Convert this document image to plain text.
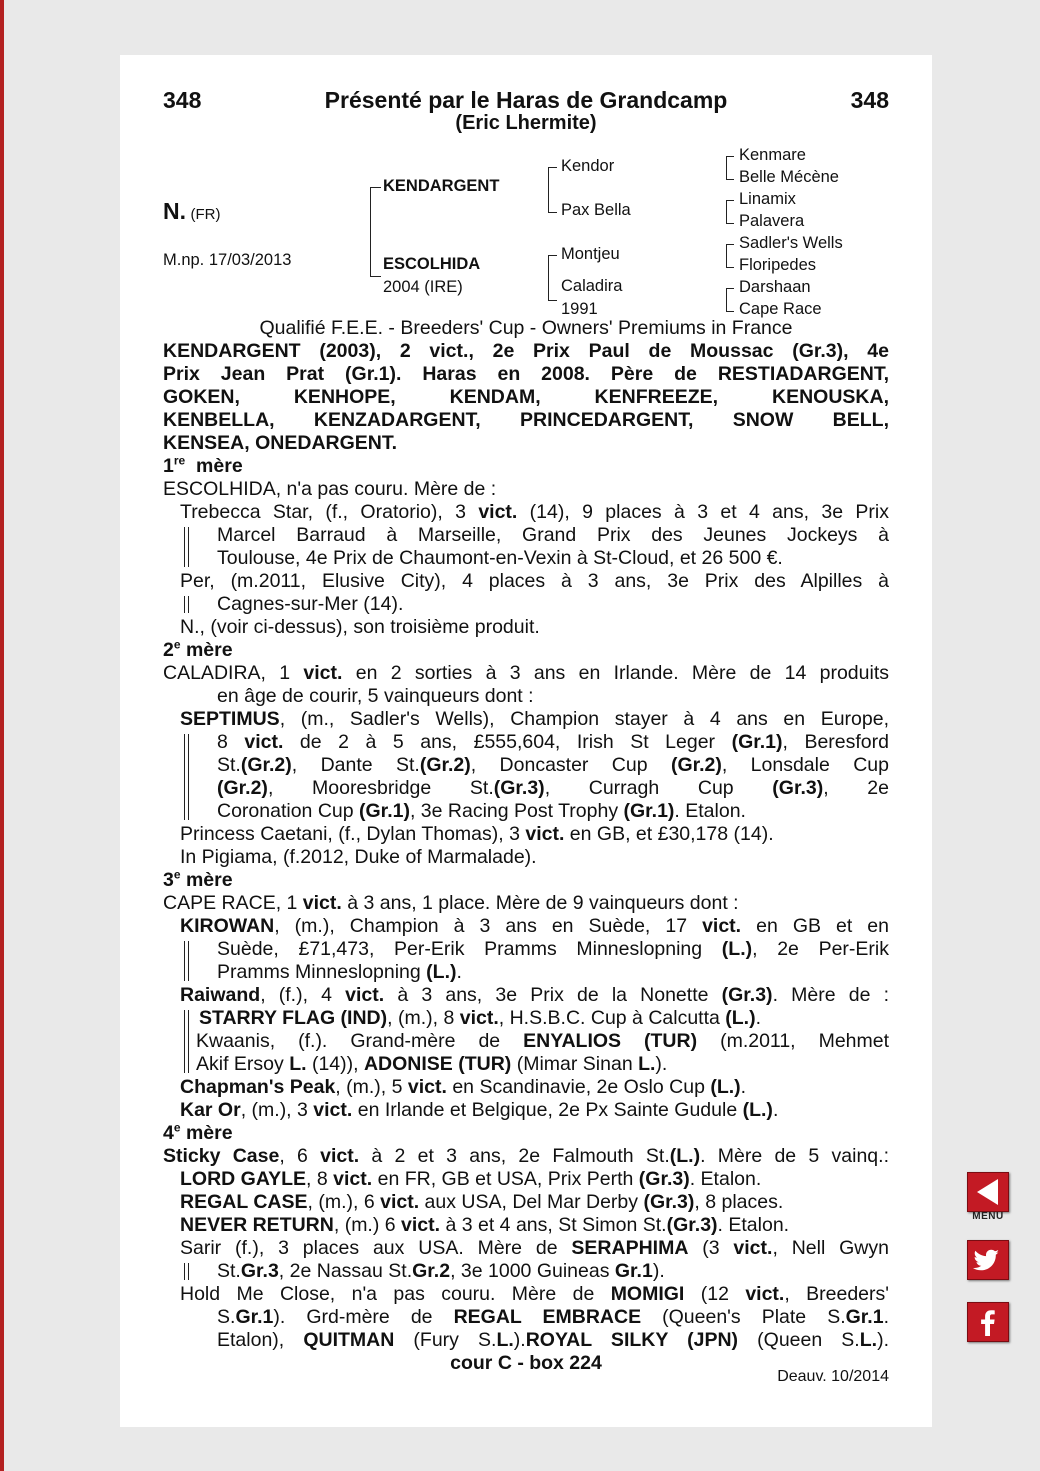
348	Présenté par le Haras de Grandcamp	348
(Eric Lhermite)
N. (FR)
M.np. 17/03/2013
KENDARGENT
ESCOLHIDA
2004 (IRE)
Kendor
Pax Bella
Montjeu
Caladira
1991
Kenmare
Belle Mécène
Linamix
Palavera
Sadler's Wells
Floripedes
Darshaan
Cape Race

Qualifié F.E.E. - Breeders' Cup - Owners' Premiums in France

KENDARGENT (2003), 2 vict., 2e Prix Paul de Moussac (Gr.3), 4e

Prix Jean Prat (Gr.1). Haras en 2008. Père de RESTIADARGENT,

GOKEN, KENHOPE, KENDAM, KENFREEZE, KENOUSKA,

KENBELLA, KENZADARGENT, PRINCEDARGENT, SNOW BELL,

KENSEA, ONEDARGENT.

1re mère

ESCOLHIDA, n'a pas couru. Mère de :

Trebecca Star, (f., Oratorio), 3 vict. (14), 9 places à 3 et 4 ans, 3e Prix

Marcel Barraud à Marseille, Grand Prix des Jeunes Jockeys à

Toulouse, 4e Prix de Chaumont-en-Vexin à St-Cloud, et 26 500 €.

Per, (m.2011, Elusive City), 4 places à 3 ans, 3e Prix des Alpilles à

Cagnes-sur-Mer (14).

N., (voir ci-dessus), son troisième produit.

2e mère

CALADIRA, 1 vict. en 2 sorties à 3 ans en Irlande. Mère de 14 produits

en âge de courir, 5 vainqueurs dont :

SEPTIMUS, (m., Sadler's Wells), Champion stayer à 4 ans en Europe,

8 vict. de 2 à 5 ans, £555,604, Irish St Leger (Gr.1), Beresford

St.(Gr.2), Dante St.(Gr.2), Doncaster Cup (Gr.2), Lonsdale Cup

(Gr.2), Mooresbridge St.(Gr.3), Curragh Cup (Gr.3), 2e

Coronation Cup (Gr.1), 3e Racing Post Trophy (Gr.1). Etalon.

Princess Caetani, (f., Dylan Thomas), 3 vict. en GB, et £30,178 (14).

In Pigiama, (f.2012, Duke of Marmalade).

3e mère

CAPE RACE, 1 vict. à 3 ans, 1 place. Mère de 9 vainqueurs dont :

KIROWAN, (m.), Champion à 3 ans en Suède, 17 vict. en GB et en

Suède, £71,473, Per-Erik Pramms Minneslopning (L.), 2e Per-Erik

Pramms Minneslopning (L.).

Raiwand, (f.), 4 vict. à 3 ans, 3e Prix de la Nonette (Gr.3). Mère de :

STARRY FLAG (IND), (m.), 8 vict., H.S.B.C. Cup à Calcutta (L.).

Kwaanis, (f.). Grand-mère de ENYALIOS (TUR) (m.2011, Mehmet

Akif Ersoy L. (14)), ADONISE (TUR) (Mimar Sinan L.).

Chapman's Peak, (m.), 5 vict. en Scandinavie, 2e Oslo Cup (L.).

Kar Or, (m.), 3 vict. en Irlande et Belgique, 2e Px Sainte Gudule (L.).

4e mère

Sticky Case, 6 vict. à 2 et 3 ans, 2e Falmouth St.(L.). Mère de 5 vainq.:

LORD GAYLE, 8 vict. en FR, GB et USA, Prix Perth (Gr.3). Etalon.

REGAL CASE, (m.), 6 vict. aux USA, Del Mar Derby (Gr.3), 8 places.

NEVER RETURN, (m.) 6 vict. à 3 et 4 ans, St Simon St.(Gr.3). Etalon.

Sarir (f.), 3 places aux USA. Mère de SERAPHIMA (3 vict., Nell Gwyn

St.Gr.3, 2e Nassau St.Gr.2, 3e 1000 Guineas Gr.1).

Hold Me Close, n'a pas couru. Mère de MOMIGI (12 vict., Breeders'

S.Gr.1). Grd-mère de REGAL EMBRACE (Queen's Plate S.Gr.1.

Etalon), QUITMAN (Fury S.L.).ROYAL SILKY (JPN) (Queen S.L.).

cour C - box 224

Deauv. 10/2014
MENU
